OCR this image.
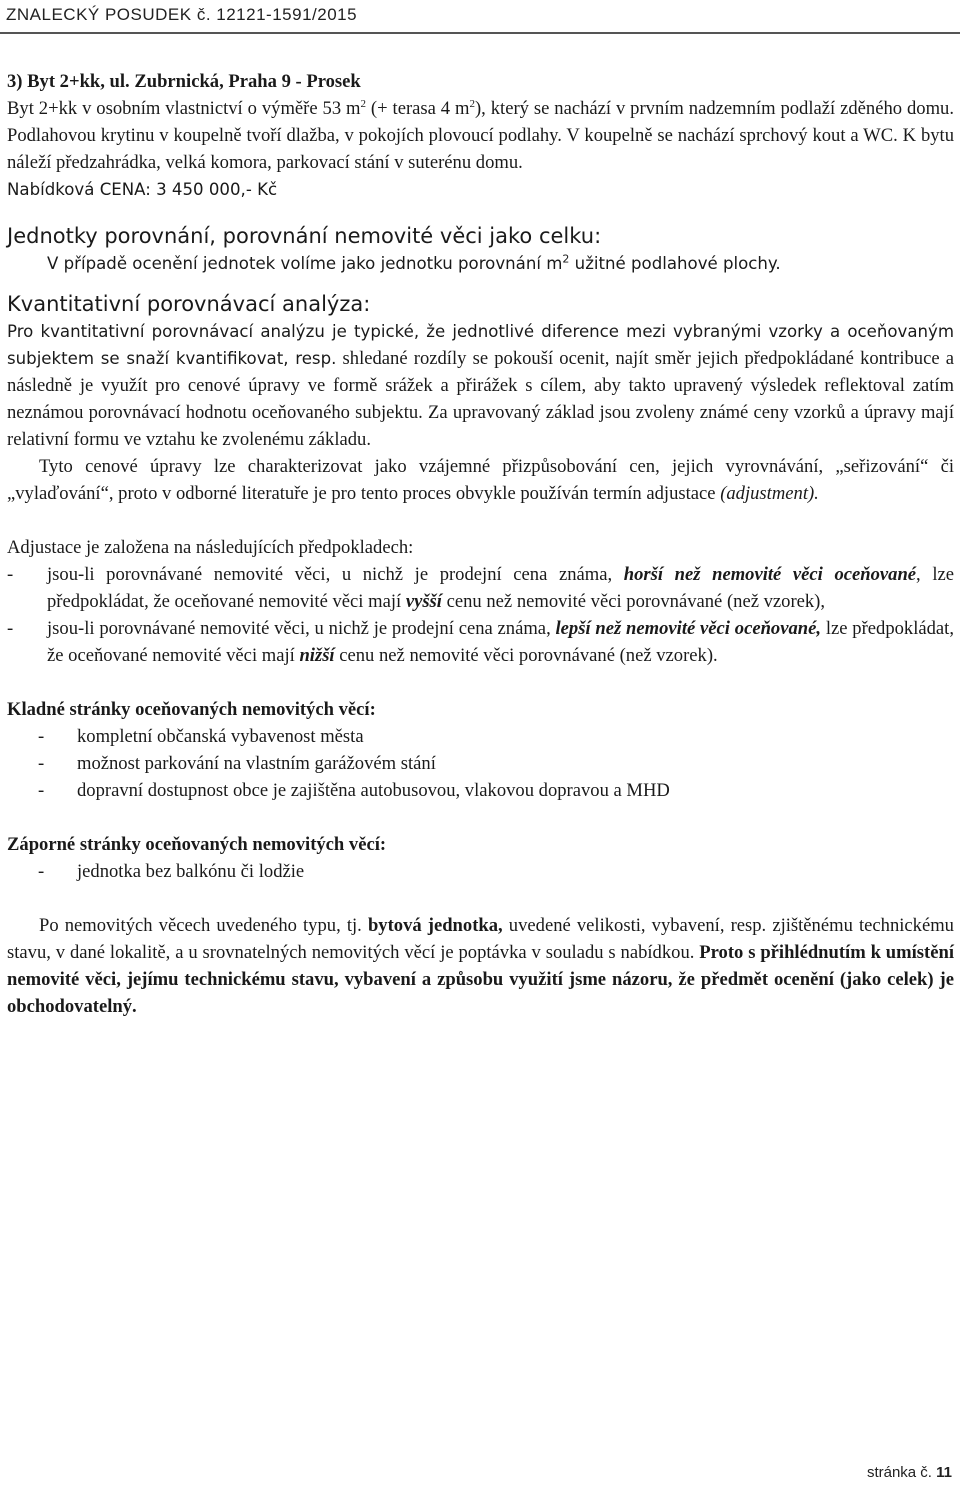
ZNALECKÝ POSUDEK č. 12121-1591/2015

3) Byt 2+kk, ul. Zubrnická, Praha 9 - Prosek

Byt 2+kk v osobním vlastnictví o výměře 53 $m^2$ (+ terasa 4 $m^2$), který se nachází v prvním nadzemním podlaží zděného domu. Podlahovou krytinu v koupelně tvoří dlažba, v pokojích plovoucí podlahy. V koupelně se nachází sprchový kout a WC. K bytu náleží předzahrádka, velká komora, parkovací stání v suterénu domu.

Nabídková CENA: 3 450 000,- Kč

Jednotky porovnání, porovnání nemovité věci jako celku:

V případě ocenění jednotek volíme jako jednotku porovnání $m^2$ užitné podlahové plochy.

Kvantitativní porovnávací analýza:

Pro kvantitativní porovnávací analýzu je typické, že jednotlivé diference mezi vybranými vzorky a oceňovaným subjektem se snaží kvantifikovat, resp. shledané rozdíly se pokouší ocenit, najít směr jejich předpokládané kontribuce a následně je využít pro cenové úpravy ve formě srážek a přirážek s cílem, aby takto upravený výsledek reflektoval zatím neznámou porovnávací hodnotu oceňovaného subjektu. Za upravovaný základ jsou zvoleny známé ceny vzorků a úpravy mají relativní formu ve vztahu ke zvolenému základu.

Tyto cenové úpravy lze charakterizovat jako vzájemné přizpůsobování cen, jejich vyrovnávání, „seřizování“ či „vylaďování“, proto v odborné literatuře je pro tento proces obvykle používán termín adjustace (adjustment).

Adjustace je založena na následujících předpokladech:

- jsou-li porovnávané nemovité věci, u nichž je prodejní cena známa, horší než nemovité věci oceňované, lze předpokládat, že oceňované nemovité věci mají vyšší cenu než nemovité věci porovnávané (než vzorek),
- jsou-li porovnávané nemovité věci, u nichž je prodejní cena známa, lepší než nemovité věci oceňované, lze předpokládat, že oceňované nemovité věci mají nižší cenu než nemovité věci porovnávané (než vzorek).

Kladné stránky oceňovaných nemovitých věcí:

- kompletní občanská vybavenost města
- možnost parkování na vlastním garážovém stání
- dopravní dostupnost obce je zajištěna autobusovou, vlakovou dopravou a MHD

Záporné stránky oceňovaných nemovitých věcí:

- jednotka bez balkónu či lodžie

Po nemovitých věcech uvedeného typu, tj. bytová jednotka, uvedené velikosti, vybavení, resp. zjištěnému technickému stavu, v dané lokalitě, a u srovnatelných nemovitých věcí je poptávka v souladu s nabídkou. Proto s přihlédnutím k umístění nemovité věci, jejímu technickému stavu, vybavení a způsobu využití jsme názoru, že předmět ocenění (jako celek) je obchodovatelný.

stránka č. 11
